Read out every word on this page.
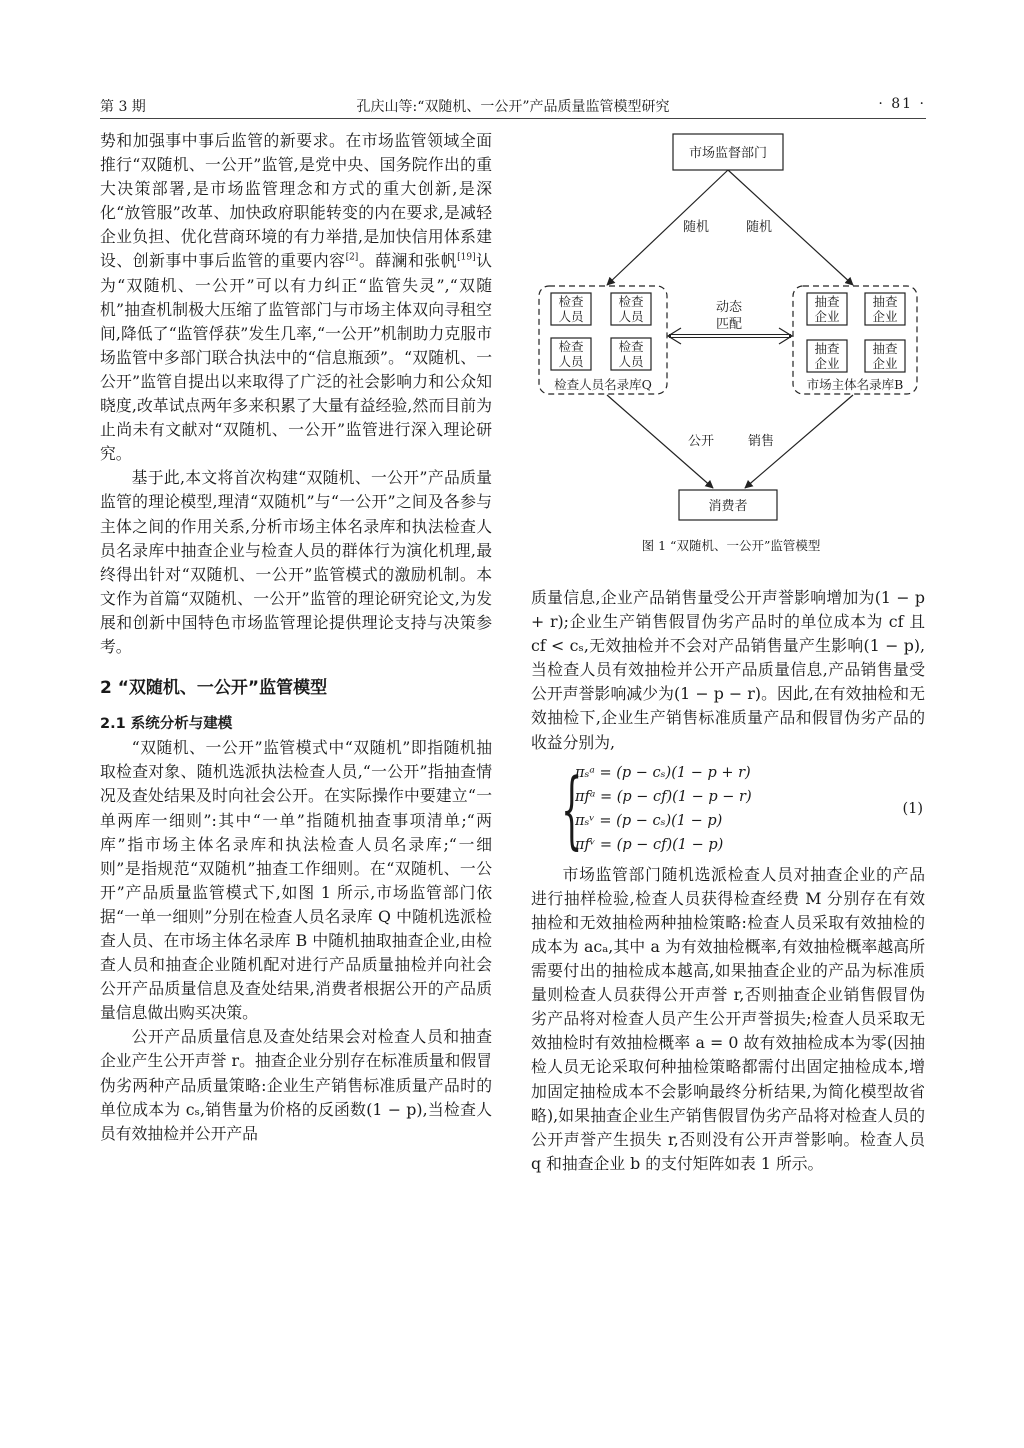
第 3 期	孔庆山等:“双随机、一公开”产品质量监管模型研究	· 81 ·

势和加强事中事后监管的新要求。在市场监管领域全面推行“双随机、一公开”监管,是党中央、国务院作出的重大决策部署,是市场监管理念和方式的重大创新,是深化“放管服”改革、加快政府职能转变的内在要求,是减轻企业负担、优化营商环境的有力举措,是加快信用体系建设、创新事中事后监管的重要内容[2]。薛澜和张帆[19]认为“双随机、一公开”可以有力纠正“监管失灵”,“双随机”抽查机制极大压缩了监管部门与市场主体双向寻租空间,降低了“监管俘获”发生几率,“一公开”机制助力克服市场监管中多部门联合执法中的“信息瓶颈”。“双随机、一公开”监管自提出以来取得了广泛的社会影响力和公众知晓度,改革试点两年多来积累了大量有益经验,然而目前为止尚未有文献对“双随机、一公开”监管进行深入理论研究。

基于此,本文将首次构建“双随机、一公开”产品质量监管的理论模型,理清“双随机”与“一公开”之间及各参与主体之间的作用关系,分析市场主体名录库和执法检查人员名录库中抽查企业与检查人员的群体行为演化机理,最终得出针对“双随机、一公开”监管模式的激励机制。本文作为首篇“双随机、一公开”监管的理论研究论文,为发展和创新中国特色市场监管理论提供理论支持与决策参考。

2 “双随机、一公开”监管模型

2.1 系统分析与建模

“双随机、一公开”监管模式中“双随机”即指随机抽取检查对象、随机选派执法检查人员,“一公开”指抽查情况及查处结果及时向社会公开。在实际操作中要建立“一单两库一细则”:其中“一单”指随机抽查事项清单;“两库”指市场主体名录库和执法检查人员名录库;“一细则”是指规范“双随机”抽查工作细则。在“双随机、一公开”产品质量监管模式下,如图 1 所示,市场监管部门依据“一单一细则”分别在检查人员名录库 Q 中随机选派检查人员、在市场主体名录库 B 中随机抽取抽查企业,由检查人员和抽查企业随机配对进行产品质量抽检并向社会公开产品质量信息及查处结果,消费者根据公开的产品质量信息做出购买决策。

公开产品质量信息及查处结果会对检查人员和抽查企业产生公开声誉 r。抽查企业分别存在标准质量和假冒伪劣两种产品质量策略:企业生产销售标准质量产品时的单位成本为 cₛ,销售量为价格的反函数(1 − p),当检查人员有效抽检并公开产品

市场监督部门
随机	随机
动态
匹配
检查人员名录库Q	市场主体名录库B
公开	销售
消费者
图 1 “双随机、一公开”监管模型
检查
人员
检查
人员
检查
人员
检查
人员
抽查
企业
抽查
企业
抽查
企业
抽查
企业

质量信息,企业产品销售量受公开声誉影响增加为(1 − p + r);企业生产销售假冒伪劣产品时的单位成本为 cf 且 cf < cₛ,无效抽检并不会对产品销售量产生影响(1 − p),当检查人员有效抽检并公开产品质量信息,产品销售量受公开声誉影响减少为(1 − p − r)。因此,在有效抽检和无效抽检下,企业生产销售标准质量产品和假冒伪劣产品的收益分别为,

{
πₛᵃ = (p − cₛ)(1 − p + r)
πfᵃ = (p − cf)(1 − p − r)
πₛᵛ = (p − cₛ)(1 − p)
πfᵛ = (p − cf)(1 − p)
(1)

市场监管部门随机选派检查人员对抽查企业的产品进行抽样检验,检查人员获得检查经费 M 分别存在有效抽检和无效抽检两种抽检策略:检查人员采取有效抽检的成本为 acₐ,其中 a 为有效抽检概率,有效抽检概率越高所需要付出的抽检成本越高,如果抽查企业的产品为标准质量则检查人员获得公开声誉 r,否则抽查企业销售假冒伪劣产品将对检查人员产生公开声誉损失;检查人员采取无效抽检时有效抽检概率 a = 0 故有效抽检成本为零(因抽检人员无论采取何种抽检策略都需付出固定抽检成本,增加固定抽检成本不会影响最终分析结果,为简化模型故省略),如果抽查企业生产销售假冒伪劣产品将对检查人员的公开声誉产生损失 r,否则没有公开声誉影响。检查人员 q 和抽查企业 b 的支付矩阵如表 1 所示。
